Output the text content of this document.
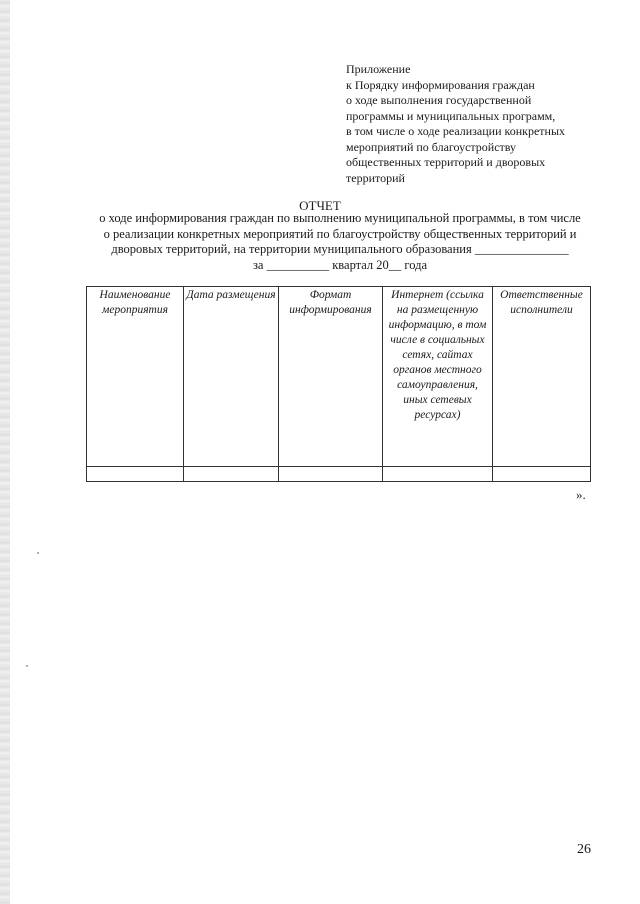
Приложение
к Порядку информирования граждан
о ходе выполнения государственной
программы и муниципальных программ,
в том числе о ходе реализации конкретных
мероприятий по благоустройству
общественных территорий и дворовых
территорий
ОТЧЕТ
о ходе информирования граждан по выполнению муниципальной программы, в том числе
о реализации конкретных мероприятий по благоустройству общественных территорий и
дворовых территорий, на территории муниципального образования _______________
за __________ квартал 20__ года
Наименование мероприятия	Дата размещения	Формат информирования	Интернет (ссылка на размещенную информацию, в том числе в социальных сетях, сайтах органов местного самоуправления, иных сетевых ресурсах)	Ответственные исполнители

».
26
